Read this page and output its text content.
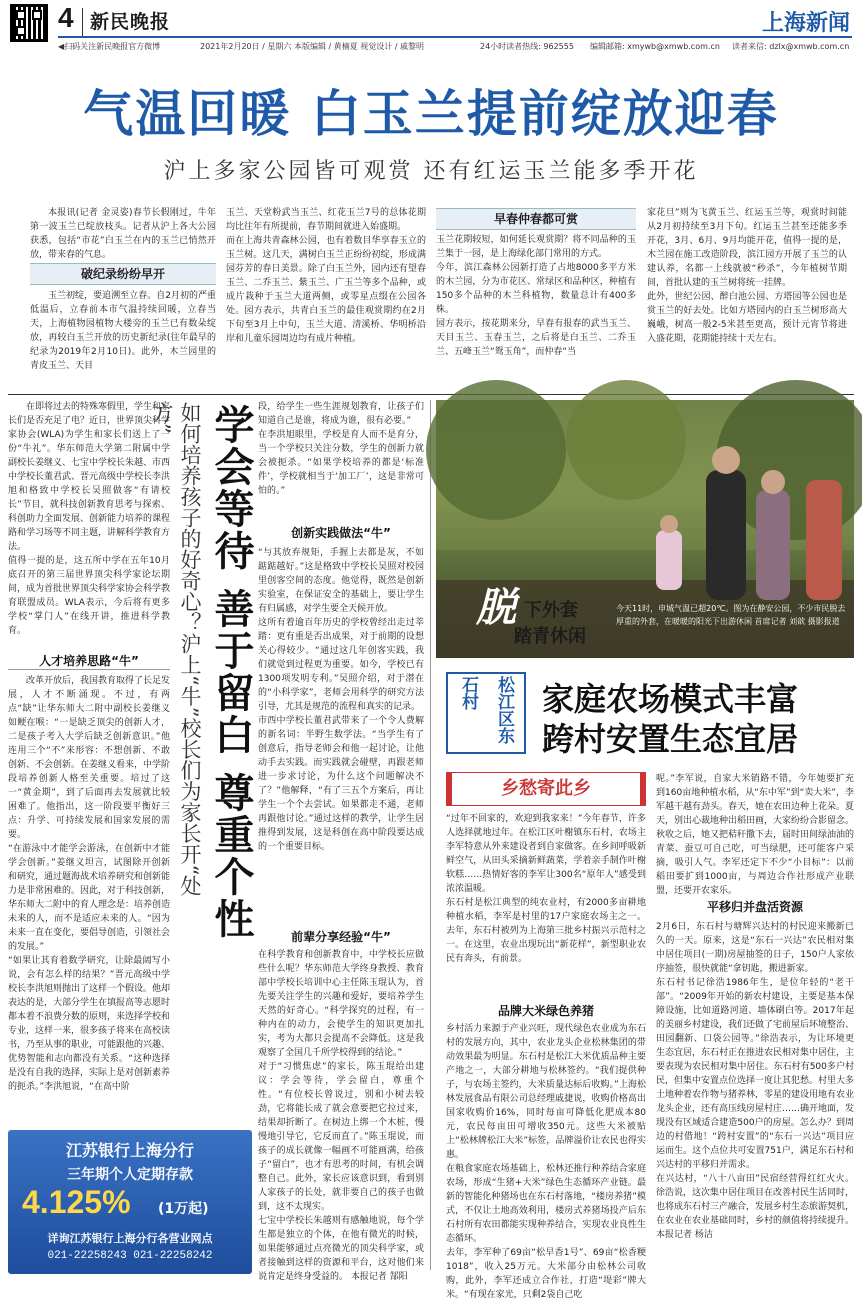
4 新民晚报	上海新闻
◀扫码关注新民晚报官方微博	2021年2月20日 / 星期六 本版编辑 / 黄楠夏 视觉设计 / 戚黎明	24小时读者热线: 962555 编辑邮箱: xmywb@xmwb.com.cn 读者来信: dzlx@xmwb.com.cn
气温回暖 白玉兰提前绽放迎春
沪上多家公园皆可观赏 还有红运玉兰能多季开花
本报讯(记者 金灵姿)春节长假刚过，牛年第一波玉兰已绽放枝头。记者从沪上各大公园获悉，包括“市花”白玉兰在内的玉兰已悄然开放，带来春的气息。
破纪录纷纷早开
玉兰初绽，要追溯至立春。自2月初的严重低温后，立春前本市气温持续回暖，立春当天，上海植物园植物大楼旁的玉兰已有数朵绽放，再较白玉兰开放的历史新纪录(往年最早的纪录为2019年2月10日)。此外，木兰园里的青皮玉兰、天目
玉兰、天堂粉武当玉兰、红花玉兰7号的总体花期均比往年有所提前，春节期间就进入始盛期。
而在上海共青森林公园，也有着数目华享春玉立的玉兰树。这几天，满树白玉兰正纷纷初绽，形成满园芬芳的春日美景。除了白玉兰外，园内还有望春玉兰、二乔玉兰、紫玉兰、广玉兰等多个品种，或成片栽种于玉兰大道两侧，或零星点缀在公园各处。园方表示，共青白玉兰的最佳观赏期约在2月下旬至3月上中旬，玉兰大道、清溪桥、华明桥沿岸和儿童乐园周边均有成片种植。
早春仲春都可赏
玉兰花期较短，如何延长观赏期？将不同品种的玉兰集于一园，是上海绿化部门常用的方式。
今年，滨江森林公园新打造了占地8000多平方米的木兰园，分为市花区、常绿区和品种区，种植有150多个品种的木兰科植物，数量总计有400多株。
园方表示，按花期来分，早春有报春的武当玉兰、天目玉兰、玉春玉兰，之后将是白玉兰、二乔玉兰、五峰玉兰“鸳玉角”，而仲春“当
家花旦”则为飞黄玉兰、红运玉兰等，观赏时间能从2月初持续至3月下旬。红运玉兰甚至还能多季开花，3月、6月、9月均能开花，值得一提的是，木兰园在施工改造阶段，滨江园方开展了玉兰的认建认养，名都一上线就被“秒杀”，今年植树节期间，首批认建的玉兰树将统一挂牌。
此外，世纪公园、醉白池公园、方塔园等公园也是赏玉兰的好去处。比如方塔园内的白玉兰树形高大巍峨，树高一般2-5米甚至更高，预计元宵节将进入盛花期，花期能持续十天左右。
在即将过去的特殊寒假里，学生和家长们是否充足了电？近日，世界顶尖科学家协会(WLA)为学生和家长们送上了一份“牛礼”。华东师范大学第二附属中学副校长姜继义、七宝中学校长朱越、市西中学校长董君武、晋元高级中学校长李洪旭和格致中学校长吴照做客“有请校长”节目，就科技创新教育思考与探索、科创助力全面发展、创新能力培养的课程路和学习场等不同主题，讲解科学教育方法。
值得一提的是，这五所中学在五年10月底召开的第三届世界顶尖科学家论坛期间，成为首批世界顶尖科学家协会科学教育联盟成员。WLA表示，今后将有更多学校“掌门人”在线开讲，推进科学教育。
人才培养思路“牛”
改革开放后，我国教育取得了长足发展，人才不断涌现。不过，有两点“缺”让华东师大二附中副校长姜继义如鲠在喉：“一是缺乏顶尖的创新人才，二是孩子考入大学后缺乏创新意识。”他连用三个“不”来形容：不想创新、不敢创新、不会创新。在姜继义看来，中学阶段培养创新人格至关重要。培过了这一“黄金期”，到了后面再去发展就比较困难了。他指出，这一阶段要平衡好三点：升学、可持续发展和国家发展的需要。
“在游泳中才能学会游泳，在创新中才能学会创新。”姜继义坦言，试图除开创新和研究，通过题海战术培养研究和创新能力是非常困难的。因此，对于科技创新，华东师大二附中的育人理念是：培养创造未来的人，而不是适应未来的人。“因为未来一直在变化，要倡导创造，引领社会的发展。”
“如果让其育着数学研究，让除最阔写小说，会有怎么样的结果？”晋元高级中学校长李洪旭则抛出了这样一个假设。他却表达的是，大部分学生在填报高等志愿时都本着不浪费分数的原则，来选择学校和专业，这样一来，很多孩子将来在高校读书，乃至从事的职业，可能跟他的兴趣、优势智能和志向都没有关系。“这种选择是没有自我的选择，实际上是对创新素养的扼杀。”李洪旭说，“在高中阶
如何培养孩子的好奇心？沪上“牛”校长们为家长开“处方” 学会等待 善于留白 尊重个性 段，给学生一些生涯规划教育，让孩子们知道自己是谁，将成为谁，很有必要。”
在李洪旭眼里，学校是育人而不是育分，当一个学校只关注分数，学生的创新力就会被扼杀。“如果学校培养的都是‘标准件’，学校就相当于‘加工厂’，这是非常可怕的。”
创新实践做法“牛”
“与其放弃规矩，手握上去都是灰，不如踮踮越好。”这是格致中学校长吴照对校园里创客空间的态度。他觉得，既然是创新实验室，在保证安全的基础上，要让学生有归属感，对学生要全天候开放。
这所有着逾百年历史的学校曾经出走过莘踏：更有重是否出成果，对于前期的设想关心得较少。“通过这几年创客实践，我们就觉到过程更为重要。如今，学校已有1300项发明专利。”吴照介绍，对于潜在的“小科学家”，老师会用科学的研究方法引导，尤其是规范的流程和真实的记录。
市西中学校长董君武带来了一个令人费解的新名词：半野生数学法。“当学生有了创意后，指导老师会和他一起讨论，让他动手去实践。而实践就会碰壁，再跟老师进一步求讨论，为什么这个问题解决不了？”他解释，“有了三五个方案后，再让学生一个个去尝试。如果都走不通，老师再跟他讨论。”通过这样的教学，让学生居推得到发展，这是科创在高中阶段要达成的一个重要目标。
前辈分享经验“牛”
在科学教育和创新教育中，中学校长应做些什么呢？华东师范大学终身教授、教育部中学校长培训中心主任陈玉琨认为，首先要关注学生的兴趣和爱好，要培养学生天然的好奇心。“科学探究的过程，有一种内在的动力，会使学生的知识更加扎实，考为大都只会提高不会降低。这是我观察了全国几千所学校得到的结论。”
对于“习惯焦虑”的家长，陈玉琨给出建议：学会等待，学会留白，尊重个性。“有位校长曾说过，别和小树去较劲，它将能长成了就会意要把它拉过来，结果却折断了。在树边上绑一个木桩，慢慢地引导它，它反而直了。”陈玉琨说，而孩子的成长就像一幅画不可能画满，给孩子“留白”，也才有思考的时间，有机会调整自己。此外，家长应该意识到，看到别人家孩子的长处，就非要自己的孩子也做到，这不太现实。
七宝中学校长朱越则有感触地说，每个学生都是独立的个体，在他有微光的时候，如果能够通过点亮微光的顶尖科学家，或者接触到这样的资源和平台，这对他们来说肯定是终身受益的。 本报记者 郜阳
江苏银行上海分行
三年期个人定期存款
4.125% (1万起)
详询江苏银行上海分行各营业网点
021-22258243 021-22258242
脱 下外套
踏青休闲
今天11时，申城气温已超20℃。图为在静安公园，不少市民脱去厚重的外套，在暖暖的阳光下出游休闲 首席记者 刘歆 摄影报道
松江区东石村	家庭农场模式丰富
跨村安置生态宜居
乡愁寄此乡
“过年不回家的，欢迎到我家来！”今年春节，许多人选择就地过年。在松江区叶榭镇东石村，农场主李军特意从外来建设者到自家做客。在乡间呼吸新鲜空气，从田头采摘新鲜蔬菜，学着亲手制作叶榭软糕……热情好客的李军让300名“原年人”感受到浓浓温暖。
东石村是松江典型的纯农业村，有2000多亩耕地种植水稻，李军是村里的17户家庭农场主之一。去年，东石村被列为上海第三批乡村振兴示范村之一。在这里，农业出现玩出“新花样”，新型职业农民有奔头，有前景。
品牌大米绿色养猪
乡村活力来源于产业兴旺，现代绿色农业成为东石村的发展方向，其中，农业龙头企业松林集团的带动效果最为明显。东石村是松江大米优质品种主要产地之一，大部分耕地与松林签约。“我们提供种子，与农场主签约，大米质量达标后收购。”上海松林发展食品有限公司总经理戚捷说，收购价格高出国家收购价16%，同时每亩可降低化肥成本80元，农民每亩田可增收350元。这些大米被贴上“松林牌松江大米”标签，品牌溢价让农民也得实惠。
在粮食家庭农场基础上，松林还推行种养结合家庭农场，形成“生猪+大米”绿色生态循环产业链。最新的智能化种猪场也在东石村落地，“楼房养猪”模式，不仅让土地高效利用，楼房式养猪场投产后东石村所有农田都能实现种养结合，实现农业良性生态循环。
去年，李军种了69亩“松早香1号”、69亩“松香粳1018”，收入25万元。大米部分由松林公司收购，此外，李军还成立合作社，打造“堤彩”牌大米。“有现在家光，只剩2袋自己吃
呢。”李军说，自家大米销路不错，今年她要扩充到160亩地种植水稻，从“东中军”到“卖大米”，李军越干越有劲头。春天，她在农田边种上花朵。夏天，别出心裁地种出稻田画，大家纷纷合影留念。秋收之后，她又把秸秆撒下去，届时田间绿油油的青菜、蚕豆可自己吃，可当绿肥，还可能客户采摘，吸引人气。李军还定下不少“小目标”：以前稻田要扩到1000亩，与周边合作社形成产业联盟，还要开农家乐。
平移归并盘活资源
2月6日，东石村与塘辉兴达村的村民迎来搬新已久的一天。原来，这是“东石一兴达”农民相对集中居住项目(一期)房屋抽签的日子，150户人家依序抽签，很快就能“拿钥匙，搬进新家。
东石村书记徐浩1986年生，是位年轻的“老干部”。“2009年开始的新农村建设，主要是基本保障设施，比如道路河道、墙体刷白等。2017年起的美丽乡村建设，我们还做了宅前屋后环境整治、田园翻新、口袋公园等。”徐浩表示，为让环境更生态宜居，东石村正在推进农民相对集中居住，主要表现为农民相对集中居住。东石村有500多户村民，但集中安置点位选择一度让其犯愁。村里大多土地种着农作物与猪养林，零星的建设用地有农业龙头企业，还有高压线房屋村庄……确开地面，发现没有区域适合建造500户的房屋。怎么办？到周边的村借地！“跨村安置”的“东石一兴达”项目应运而生。这个点位共可安置751户，满足东石村和兴达村的平移归并需求。
在兴达村，“八十八亩田”民宿经营得红红火火。徐浩说，这次集中居住项目在改善村民生活同时，也将成东石村三产融合，发展乡村生态旅游契机，在农业在农业基础同时，乡村的颜值将持续提升。 本报记者 杨洁
